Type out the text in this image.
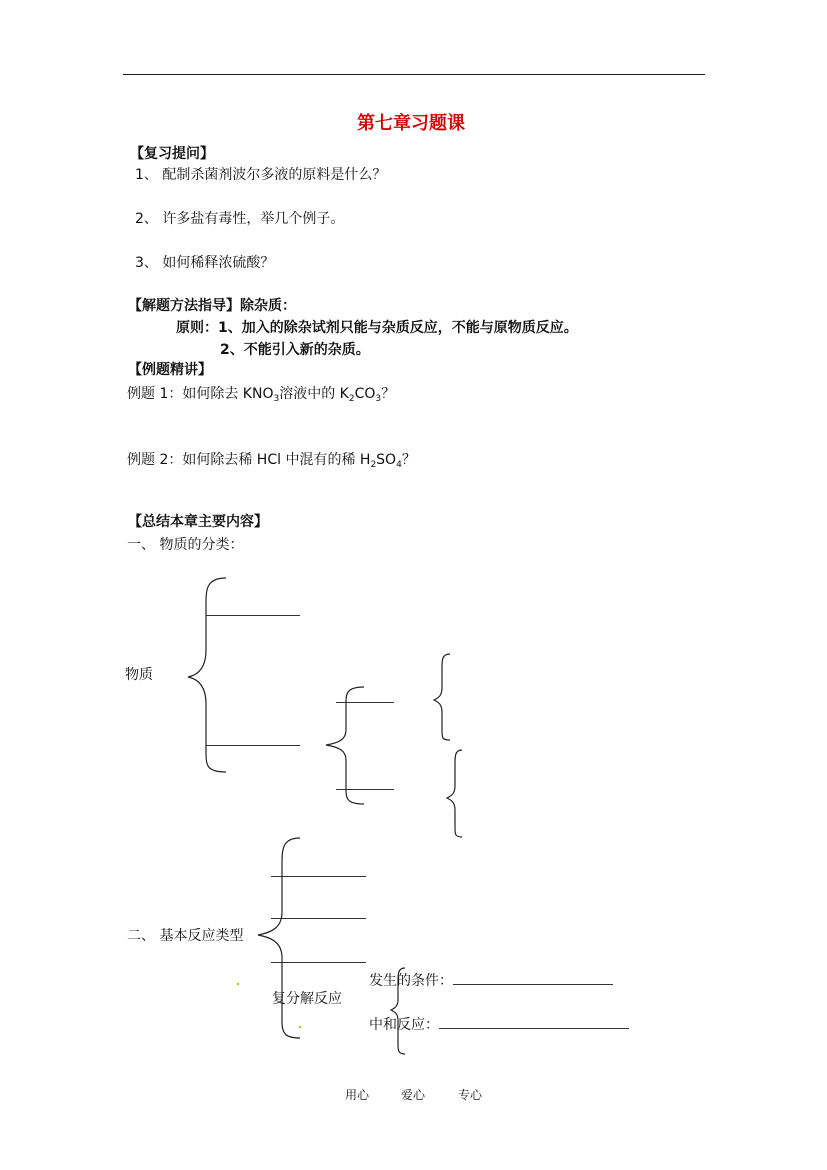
第七章习题课
【复习提问】
1、 配制杀菌剂波尔多液的原料是什么？
2、 许多盐有毒性，举几个例子。
3、 如何稀释浓硫酸？
【解题方法指导】除杂质：
原则：1、加入的除杂试剂只能与杂质反应，不能与原物质反应。
2、不能引入新的杂质。
【例题精讲】
例题 1：如何除去 $KNO_3$溶液中的 $K_2CO_3$？
例题 2：如何除去稀 HCl 中混有的稀 $H_2SO_4$？
【总结本章主要内容】
一、 物质的分类：
物质
二、 基本反应类型
复分解反应
发生的条件：
中和反应：
用心	爱心	专心
